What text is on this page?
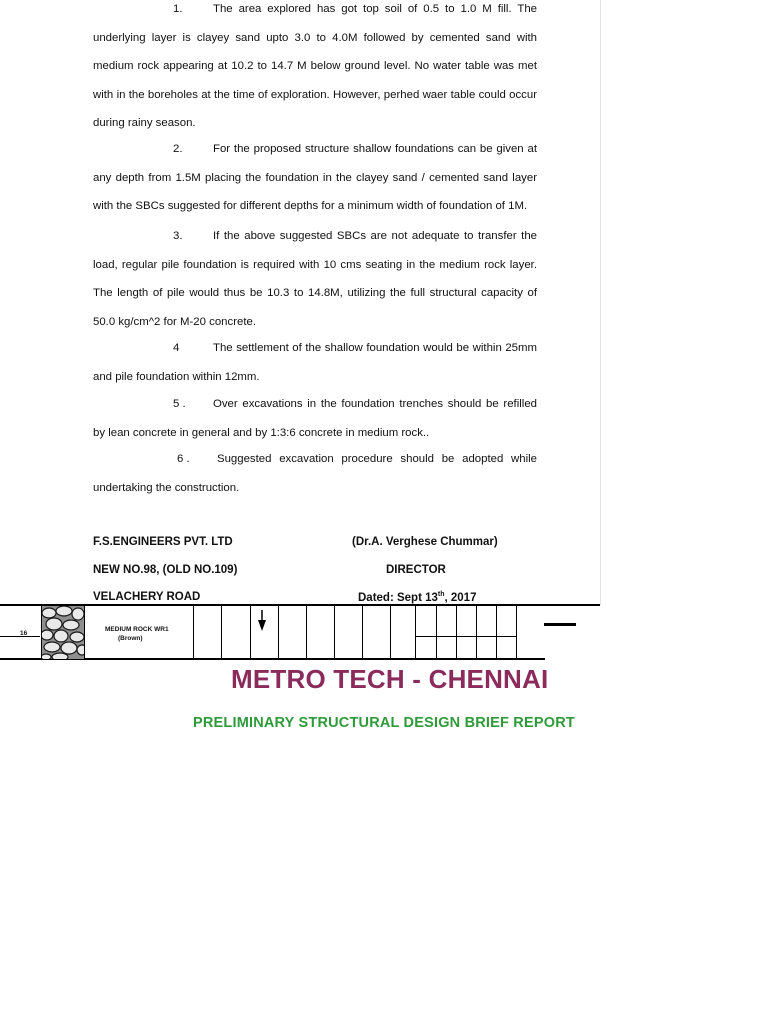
1.	The area explored has got top soil of 0.5 to 1.0 M fill. The underlying layer is clayey sand upto 3.0 to 4.0M followed by cemented sand with medium rock appearing at 10.2 to 14.7 M below ground level. No water table was met with in the boreholes at the time of exploration. However, perhed waer table could occur during rainy season.

2.	For the proposed structure shallow foundations can be given at any depth from 1.5M placing the foundation in the clayey sand / cemented sand layer with the SBCs suggested for different depths for a minimum width of foundation of 1M.

3.	If the above suggested SBCs are not adequate to transfer the load, regular pile foundation is required with 10 cms seating in the medium rock layer. The length of pile would thus be 10.3 to 14.8M, utilizing the full structural capacity of 50.0 kg/cm^2 for M-20 concrete.

4	The settlement of the shallow foundation would be within 25mm and pile foundation within 12mm.

5 . Over excavations in the foundation trenches should be refilled by lean concrete in general and by 1:3:6 concrete in medium rock..

6 . Suggested excavation procedure should be adopted while undertaking the construction.

F.S.ENGINEERS PVT. LTD

NEW NO.98, (OLD NO.109)

VELACHERY ROAD

(Dr.A. Verghese Chummar)

DIRECTOR

Dated: Sept 13th, 2017

16

MEDIUM ROCK WR1

(Brown)

METRO TECH - CHENNAI

PRELIMINARY STRUCTURAL DESIGN BRIEF REPORT
